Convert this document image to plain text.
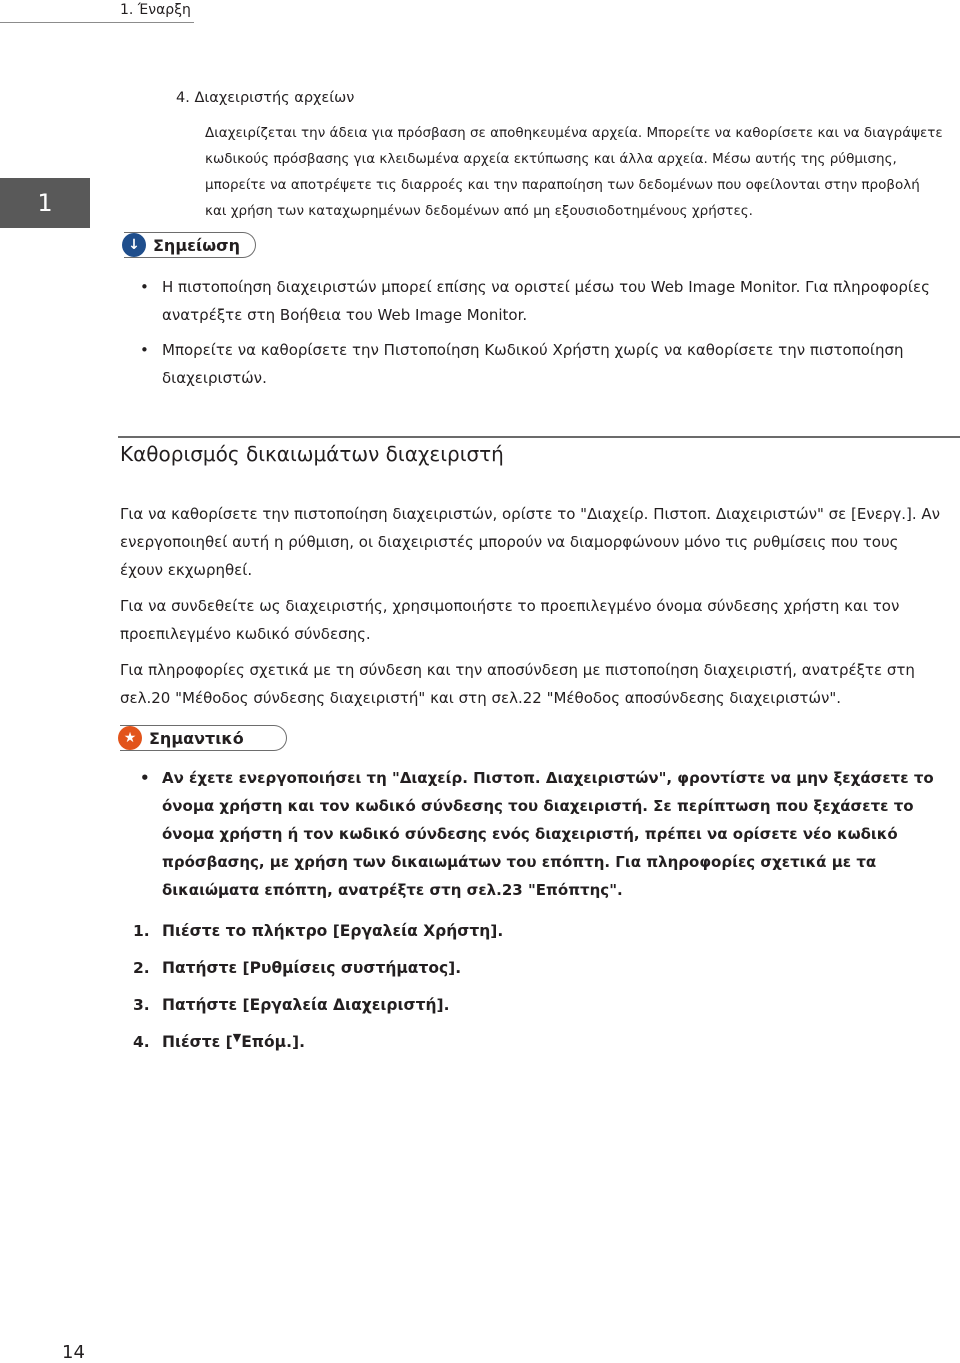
1. Έναρξη
1
4. Διαχειριστής αρχείων
Διαχειρίζεται την άδεια για πρόσβαση σε αποθηκευμένα αρχεία. Μπορείτε να καθορίσετε και να διαγράψετε κωδικούς πρόσβασης για κλειδωμένα αρχεία εκτύπωσης και άλλα αρχεία. Μέσω αυτής της ρύθμισης, μπορείτε να αποτρέψετε τις διαρροές και την παραποίηση των δεδομένων που οφείλονται στην προβολή και χρήση των καταχωρημένων δεδομένων από μη εξουσιοδοτημένους χρήστες.
↓ Σημείωση
• Η πιστοποίηση διαχειριστών μπορεί επίσης να οριστεί μέσω του Web Image Monitor. Για πληροφορίες ανατρέξτε στη Βοήθεια του Web Image Monitor.
• Μπορείτε να καθορίσετε την Πιστοποίηση Κωδικού Χρήστη χωρίς να καθορίσετε την πιστοποίηση διαχειριστών.
Καθορισμός δικαιωμάτων διαχειριστή

Για να καθορίσετε την πιστοποίηση διαχειριστών, ορίστε το "Διαχείρ. Πιστοπ. Διαχειριστών" σε [Ενεργ.]. Αν ενεργοποιηθεί αυτή η ρύθμιση, οι διαχειριστές μπορούν να διαμορφώνουν μόνο τις ρυθμίσεις που τους έχουν εκχωρηθεί.

Για να συνδεθείτε ως διαχειριστής, χρησιμοποιήστε το προεπιλεγμένο όνομα σύνδεσης χρήστη και τον προεπιλεγμένο κωδικό σύνδεσης.

Για πληροφορίες σχετικά με τη σύνδεση και την αποσύνδεση με πιστοποίηση διαχειριστή, ανατρέξτε στη σελ.20 "Μέθοδος σύνδεσης διαχειριστή" και στη σελ.22 "Μέθοδος αποσύνδεσης διαχειριστών".

★ Σημαντικό
• Αν έχετε ενεργοποιήσει τη "Διαχείρ. Πιστοπ. Διαχειριστών", φροντίστε να μην ξεχάσετε το όνομα χρήστη και τον κωδικό σύνδεσης του διαχειριστή. Σε περίπτωση που ξεχάσετε το όνομα χρήστη ή τον κωδικό σύνδεσης ενός διαχειριστή, πρέπει να ορίσετε νέο κωδικό πρόσβασης, με χρήση των δικαιωμάτων του επόπτη. Για πληροφορίες σχετικά με τα δικαιώματα επόπτη, ανατρέξτε στη σελ.23 "Επόπτης".
1. Πιέστε το πλήκτρο [Εργαλεία Χρήστη].
2. Πατήστε [Ρυθμίσεις συστήματος].
3. Πατήστε [Εργαλεία Διαχειριστή].
4. Πιέστε [ ▼ Επόμ.].
14
